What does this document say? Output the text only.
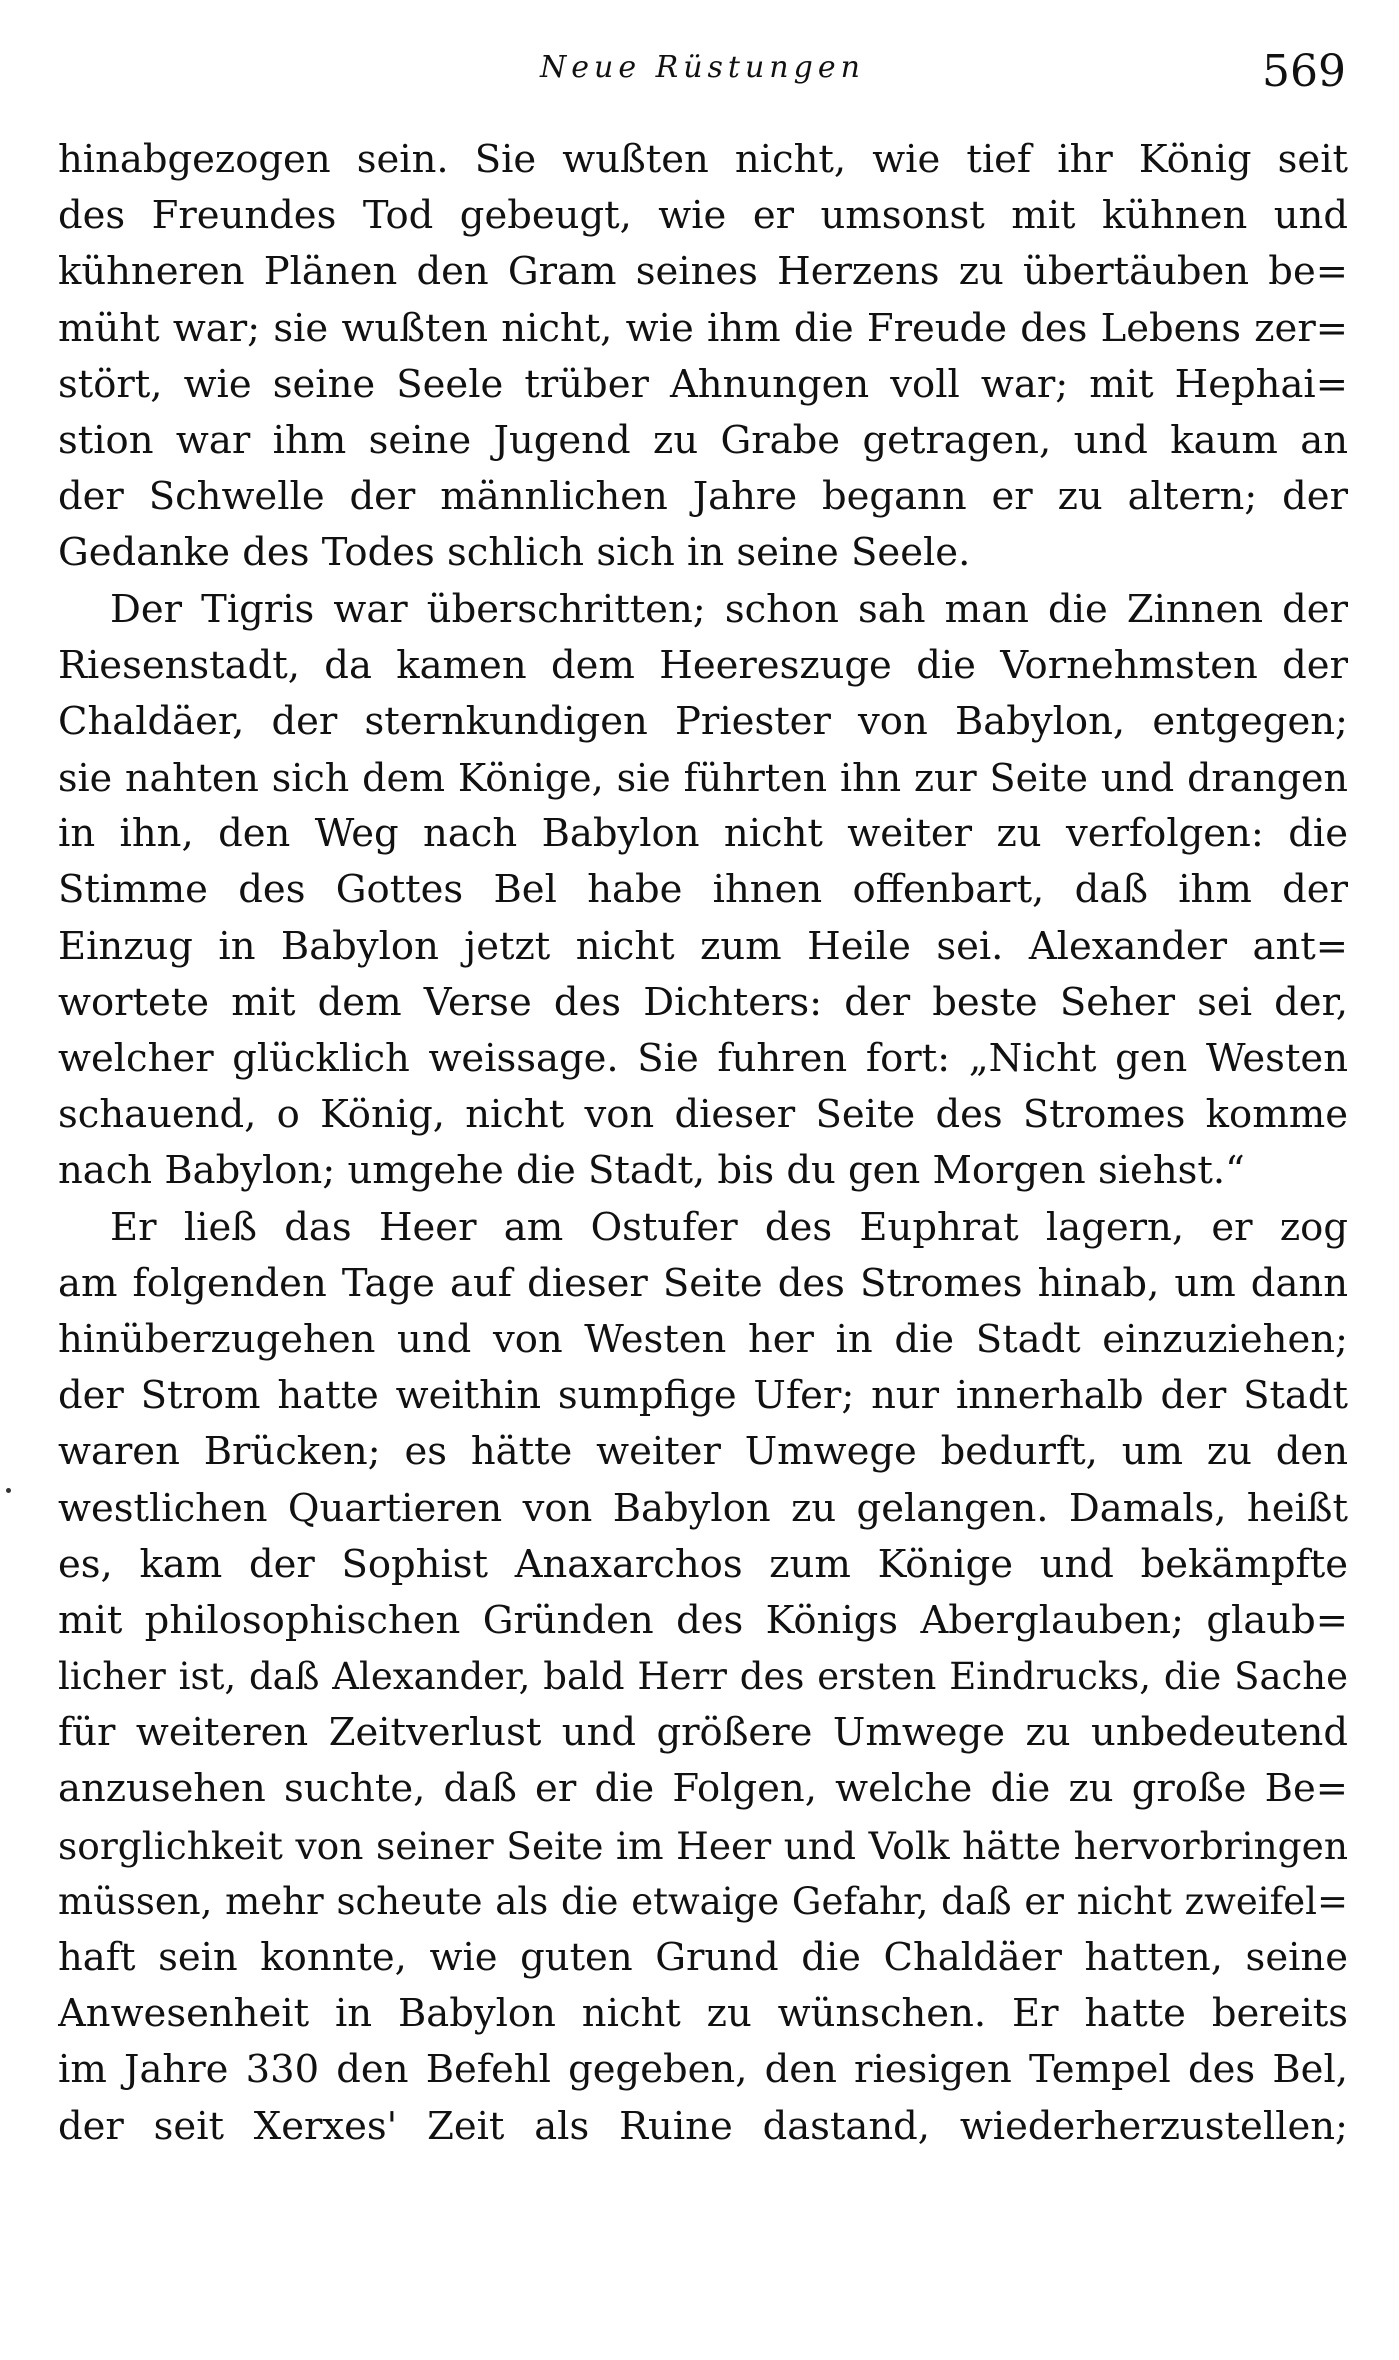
Neue Rüstungen	569
hinabgezogen sein. Sie wußten nicht, wie tief ihr König seit
des Freundes Tod gebeugt, wie er umsonst mit kühnen und
kühneren Plänen den Gram seines Herzens zu übertäuben be=
müht war; sie wußten nicht, wie ihm die Freude des Lebens zer=
stört, wie seine Seele trüber Ahnungen voll war; mit Hephai=
stion war ihm seine Jugend zu Grabe getragen, und kaum an
der Schwelle der männlichen Jahre begann er zu altern; der
Gedanke des Todes schlich sich in seine Seele.
Der Tigris war überschritten; schon sah man die Zinnen der
Riesenstadt, da kamen dem Heereszuge die Vornehmsten der
Chaldäer, der sternkundigen Priester von Babylon, entgegen;
sie nahten sich dem Könige, sie führten ihn zur Seite und drangen
in ihn, den Weg nach Babylon nicht weiter zu verfolgen: die
Stimme des Gottes Bel habe ihnen offenbart, daß ihm der
Einzug in Babylon jetzt nicht zum Heile sei. Alexander ant=
wortete mit dem Verse des Dichters: der beste Seher sei der,
welcher glücklich weissage. Sie fuhren fort: „Nicht gen Westen
schauend, o König, nicht von dieser Seite des Stromes komme
nach Babylon; umgehe die Stadt, bis du gen Morgen siehst.“
Er ließ das Heer am Ostufer des Euphrat lagern, er zog
am folgenden Tage auf dieser Seite des Stromes hinab, um dann
hinüberzugehen und von Westen her in die Stadt einzuziehen;
der Strom hatte weithin sumpfige Ufer; nur innerhalb der Stadt
waren Brücken; es hätte weiter Umwege bedurft, um zu den
westlichen Quartieren von Babylon zu gelangen. Damals, heißt
es, kam der Sophist Anaxarchos zum Könige und bekämpfte
mit philosophischen Gründen des Königs Aberglauben; glaub=
licher ist, daß Alexander, bald Herr des ersten Eindrucks, die Sache
für weiteren Zeitverlust und größere Umwege zu unbedeutend
anzusehen suchte, daß er die Folgen, welche die zu große Be=
sorglichkeit von seiner Seite im Heer und Volk hätte hervorbringen
müssen, mehr scheute als die etwaige Gefahr, daß er nicht zweifel=
haft sein konnte, wie guten Grund die Chaldäer hatten, seine
Anwesenheit in Babylon nicht zu wünschen. Er hatte bereits
im Jahre 330 den Befehl gegeben, den riesigen Tempel des Bel,
der seit Xerxes' Zeit als Ruine dastand, wiederherzustellen;
